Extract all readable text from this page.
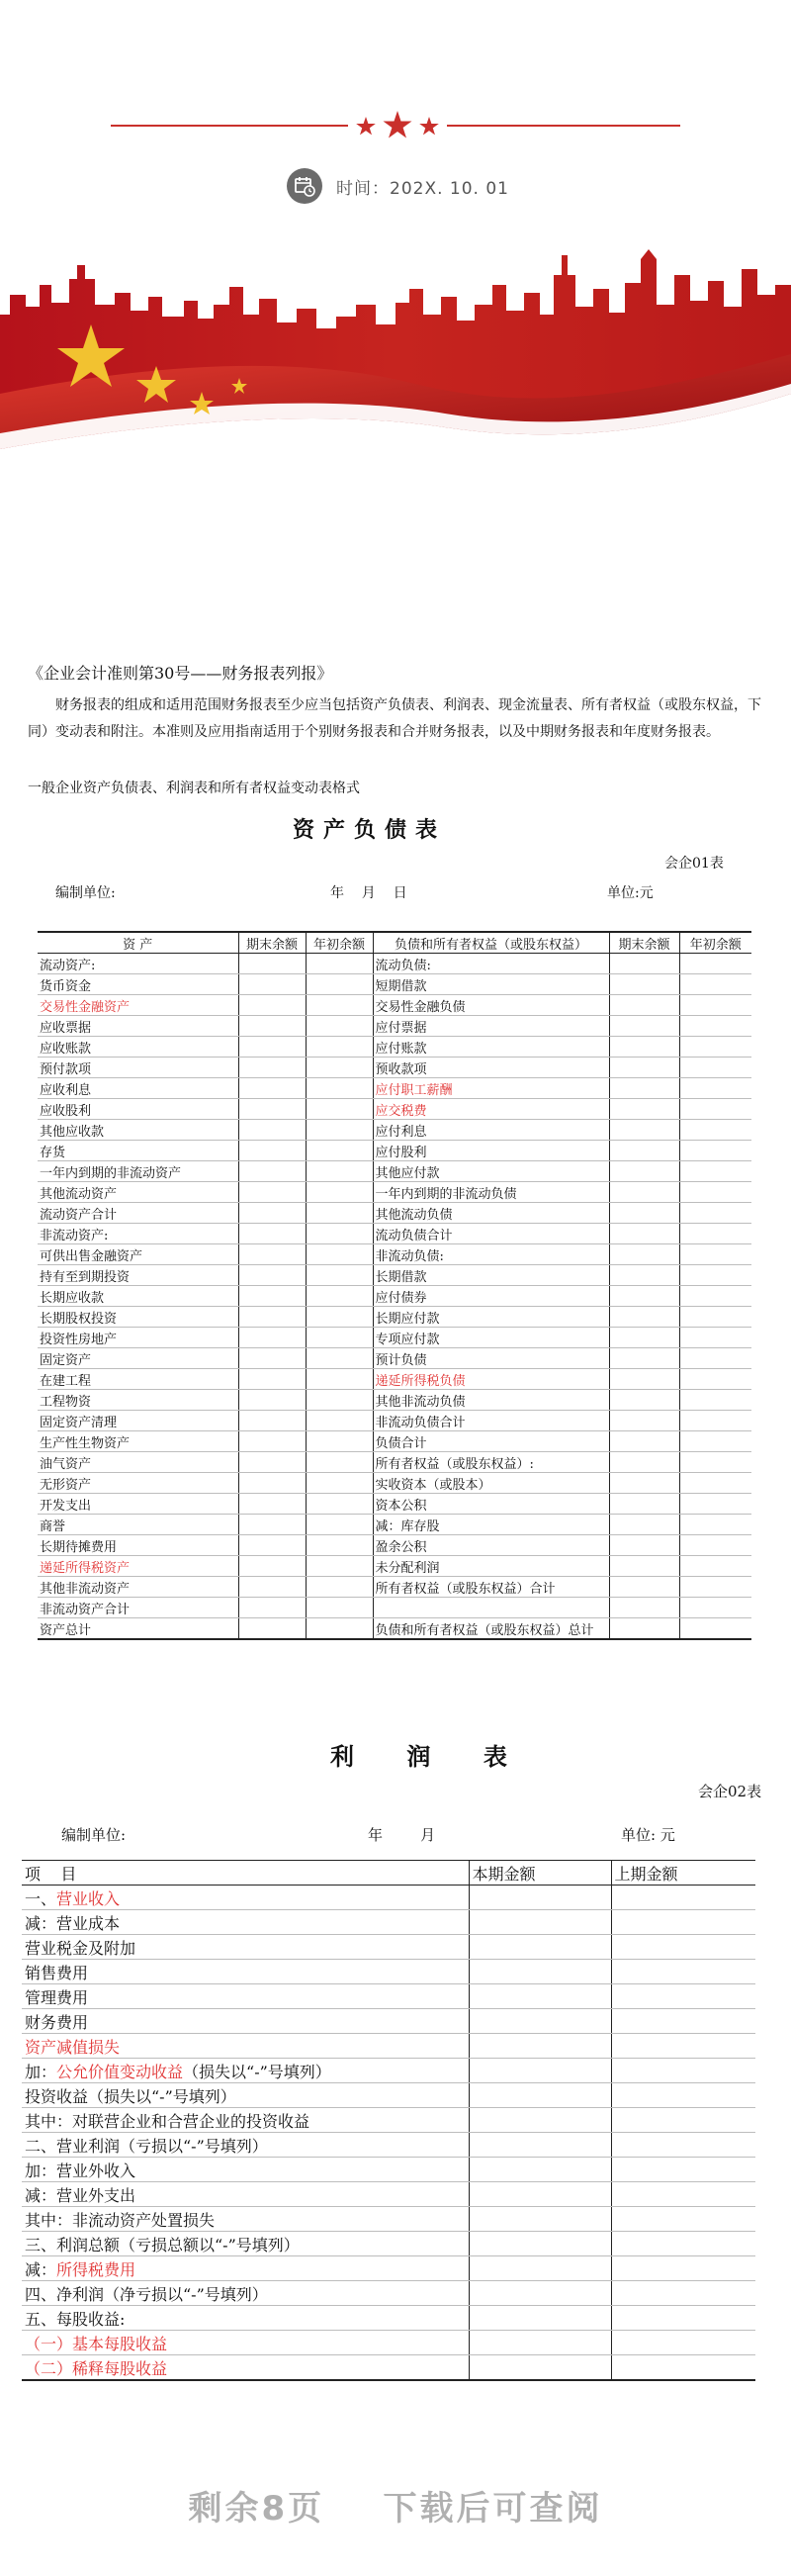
时间：202X. 10. 01
《企业会计准则第30号——财务报表列报》
财务报表的组成和适用范围财务报表至少应当包括资产负债表、利润表、现金流量表、所有者权益（或股东权益，下同）变动表和附注。本准则及应用指南适用于个别财务报表和合并财务报表，以及中期财务报表和年度财务报表。
一般企业资产负债表、利润表和所有者权益变动表格式
资产负债表
会企01表
编制单位:	年    月    日	单位:元
资 产	期末余额	年初余额	负债和所有者权益（或股东权益）	期末余额	年初余额
流动资产:			流动负债:		
货币资金			短期借款		
交易性金融资产			交易性金融负债		
应收票据			应付票据		
应收账款			应付账款		
预付款项			预收款项		
应收利息			应付职工薪酬		
应收股利			应交税费		
其他应收款			应付利息		
存货			应付股利		
一年内到期的非流动资产			其他应付款		
其他流动资产			一年内到期的非流动负债		
流动资产合计			其他流动负债		
非流动资产:			流动负债合计		
可供出售金融资产			非流动负债:		
持有至到期投资			长期借款		
长期应收款			应付债券		
长期股权投资			长期应付款		
投资性房地产			专项应付款		
固定资产			预计负债		
在建工程			递延所得税负债		
工程物资			其他非流动负债		
固定资产清理			非流动负债合计		
生产性生物资产			负债合计		
油气资产			所有者权益（或股东权益）:		
无形资产			实收资本（或股本）		
开发支出			资本公积		
商誉			减：库存股		
长期待摊费用			盈余公积		
递延所得税资产			未分配利润		
其他非流动资产			所有者权益（或股东权益）合计		
非流动资产合计					
资产总计			负债和所有者权益（或股东权益）总计		
利    润    表
会企02表
编制单位:	年        月	单位: 元
项    目	本期金额	上期金额
一、营业收入		
减：营业成本		
营业税金及附加		
销售费用		
管理费用		
财务费用		
资产减值损失		
加：公允价值变动收益（损失以“-”号填列）		
投资收益（损失以“-”号填列）		
其中：对联营企业和合营企业的投资收益		
二、营业利润（亏损以“-”号填列）		
加：营业外收入		
减：营业外支出		
其中：非流动资产处置损失		
三、利润总额（亏损总额以“-”号填列）		
减：所得税费用		
四、净利润（净亏损以“-”号填列）		
五、每股收益:		
（一）基本每股收益		
（二）稀释每股收益		
剩余8页    下载后可查阅
